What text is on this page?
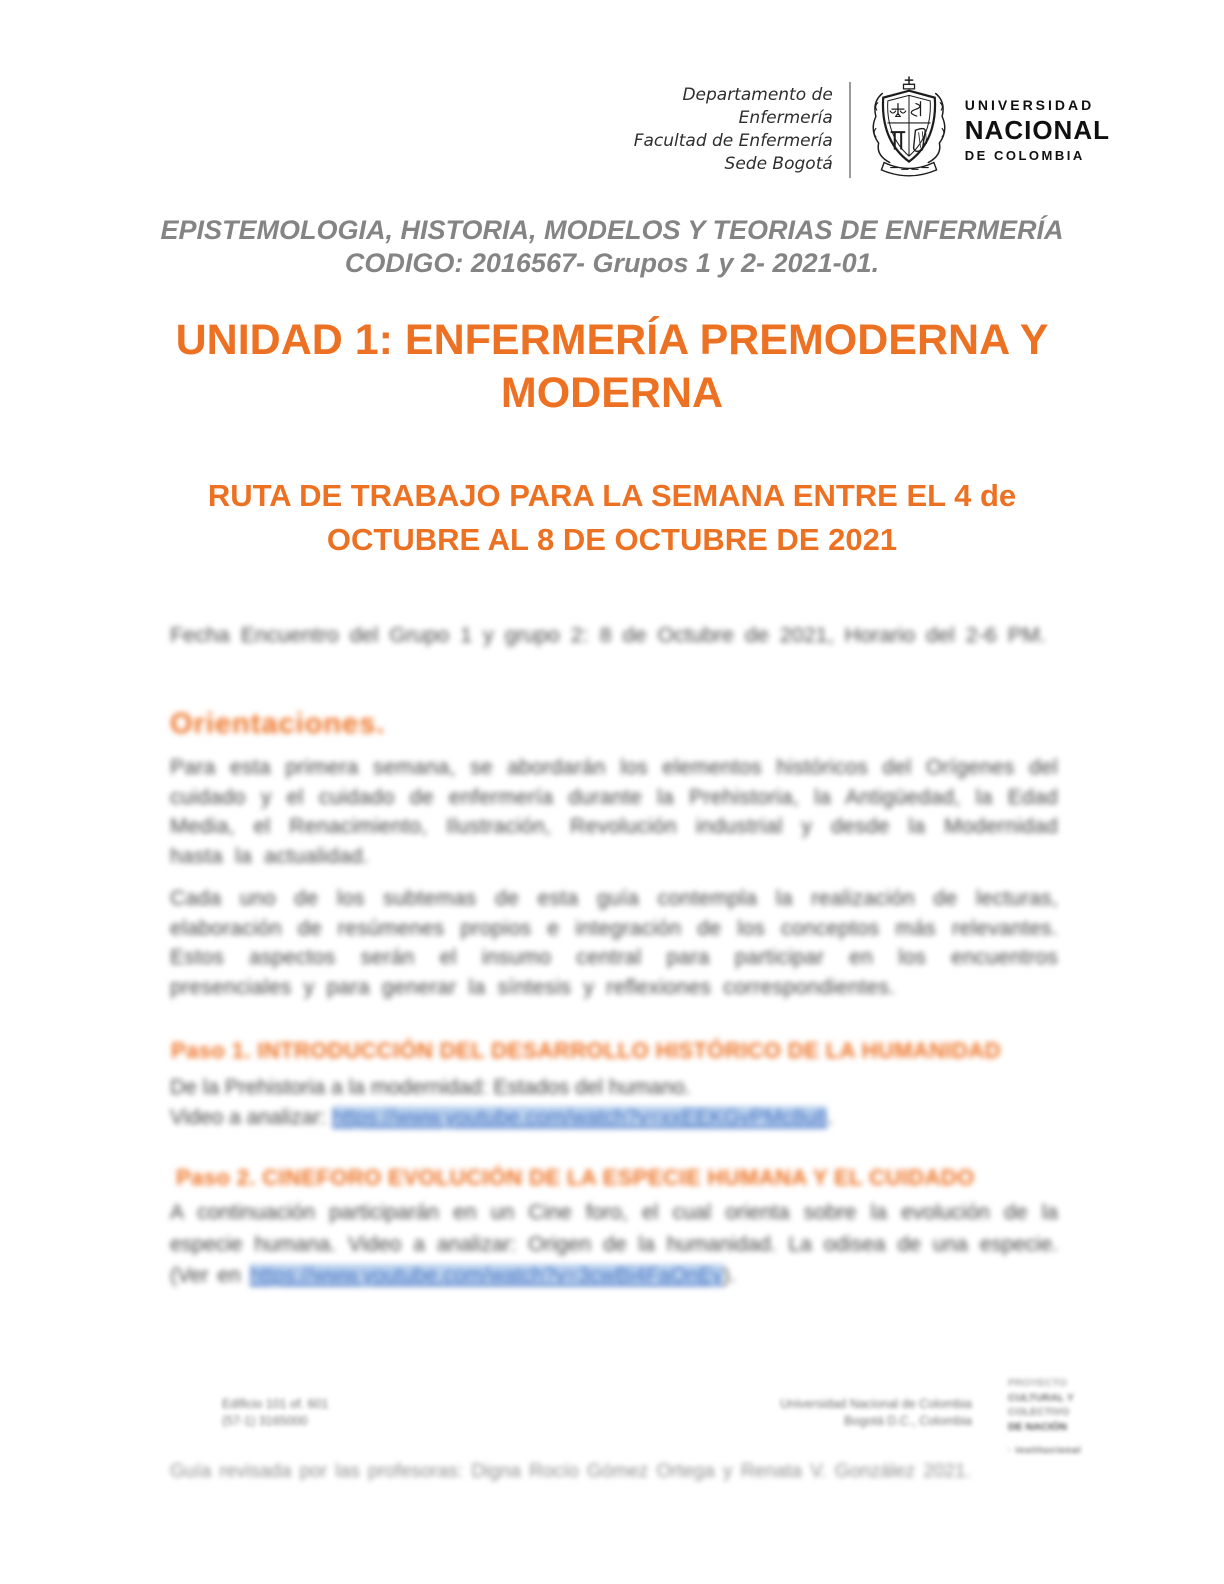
Departamento de Enfermería
Facultad de Enfermería
Sede Bogotá
UNIVERSIDAD
NACIONAL
DE COLOMBIA
EPISTEMOLOGIA, HISTORIA, MODELOS Y TEORIAS DE ENFERMERÍA
CODIGO: 2016567- Grupos 1 y 2- 2021-01.
UNIDAD 1: ENFERMERÍA PREMODERNA Y
MODERNA
RUTA DE TRABAJO PARA LA SEMANA ENTRE EL 4 de
OCTUBRE AL 8 DE OCTUBRE DE 2021
Fecha Encuentro del Grupo 1 y grupo 2: 8 de Octubre de 2021, Horario del 2-6 PM.
Orientaciones.
Para esta primera semana, se abordarán los elementos históricos del Orígenes del cuidado y el cuidado de enfermería durante la Prehistoria, la Antigüedad, la Edad Media, el Renacimiento, Ilustración, Revolución industrial y desde la Modernidad hasta la actualidad.
Cada uno de los subtemas de esta guía contempla la realización de lecturas, elaboración de resúmenes propios e integración de los conceptos más relevantes. Estos aspectos serán el insumo central para participar en los encuentros presenciales y para generar la síntesis y reflexiones correspondientes.
Paso 1. INTRODUCCIÓN DEL DESARROLLO HISTÓRICO DE LA HUMANIDAD
De la Prehistoria a la modernidad: Estados del humano.
Video a analizar: https://www.youtube.com/watch?v=xxEEKGvPMc8u8.
Paso 2. CINEFORO EVOLUCIÓN DE LA ESPECIE HUMANA Y EL CUIDADO
A continuación participarán en un Cine foro, el cual orienta sobre la evolución de la especie humana. Video a analizar: Origen de la humanidad. La odisea de una especie. (Ver en https://www.youtube.com/watch?v=3cwBi4FaOnEy).
Edificio 101 of. 601
(57-1) 3165000
Universidad Nacional de Colombia
Bogotá D.C., Colombia
PROYECTO
CULTURAL Y
COLECTIVO
DE NACIÓN
· institucional
Guía revisada por las profesoras: Digna Rocío Gómez Ortega y Renata V. González 2021.
